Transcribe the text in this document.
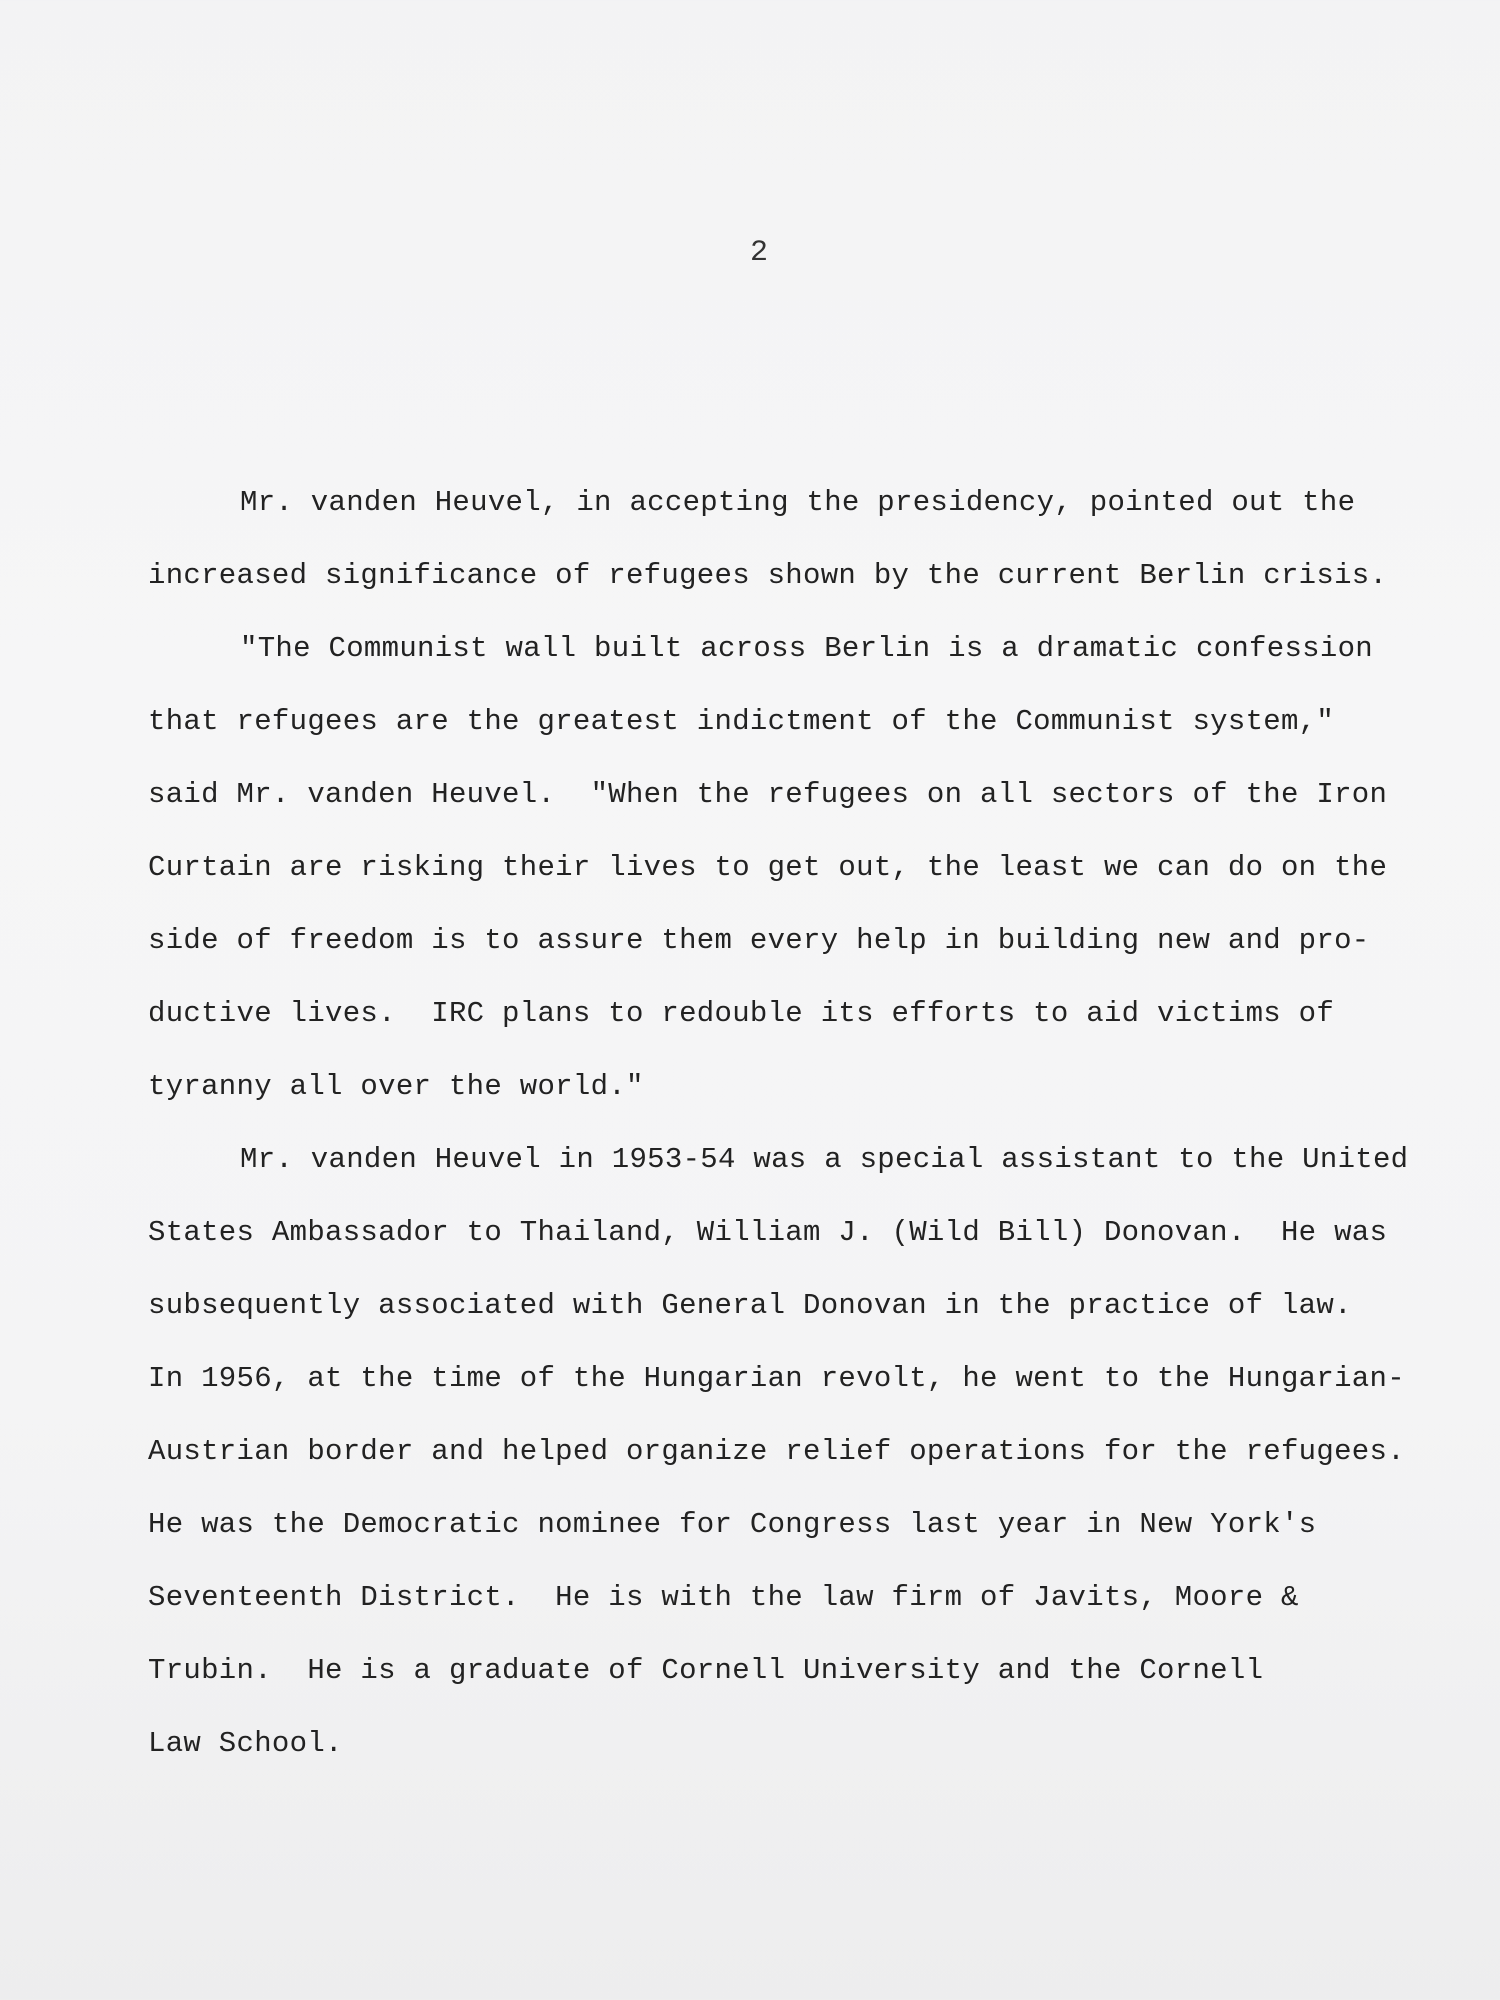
2
Mr. vanden Heuvel, in accepting the presidency, pointed out the
increased significance of refugees shown by the current Berlin crisis.
"The Communist wall built across Berlin is a dramatic confession
that refugees are the greatest indictment of the Communist system,"
said Mr. vanden Heuvel.  "When the refugees on all sectors of the Iron
Curtain are risking their lives to get out, the least we can do on the
side of freedom is to assure them every help in building new and pro-
ductive lives.  IRC plans to redouble its efforts to aid victims of
tyranny all over the world."
Mr. vanden Heuvel in 1953-54 was a special assistant to the United
States Ambassador to Thailand, William J. (Wild Bill) Donovan.  He was
subsequently associated with General Donovan in the practice of law.
In 1956, at the time of the Hungarian revolt, he went to the Hungarian-
Austrian border and helped organize relief operations for the refugees.
He was the Democratic nominee for Congress last year in New York's
Seventeenth District.  He is with the law firm of Javits, Moore &
Trubin.  He is a graduate of Cornell University and the Cornell
Law School.
